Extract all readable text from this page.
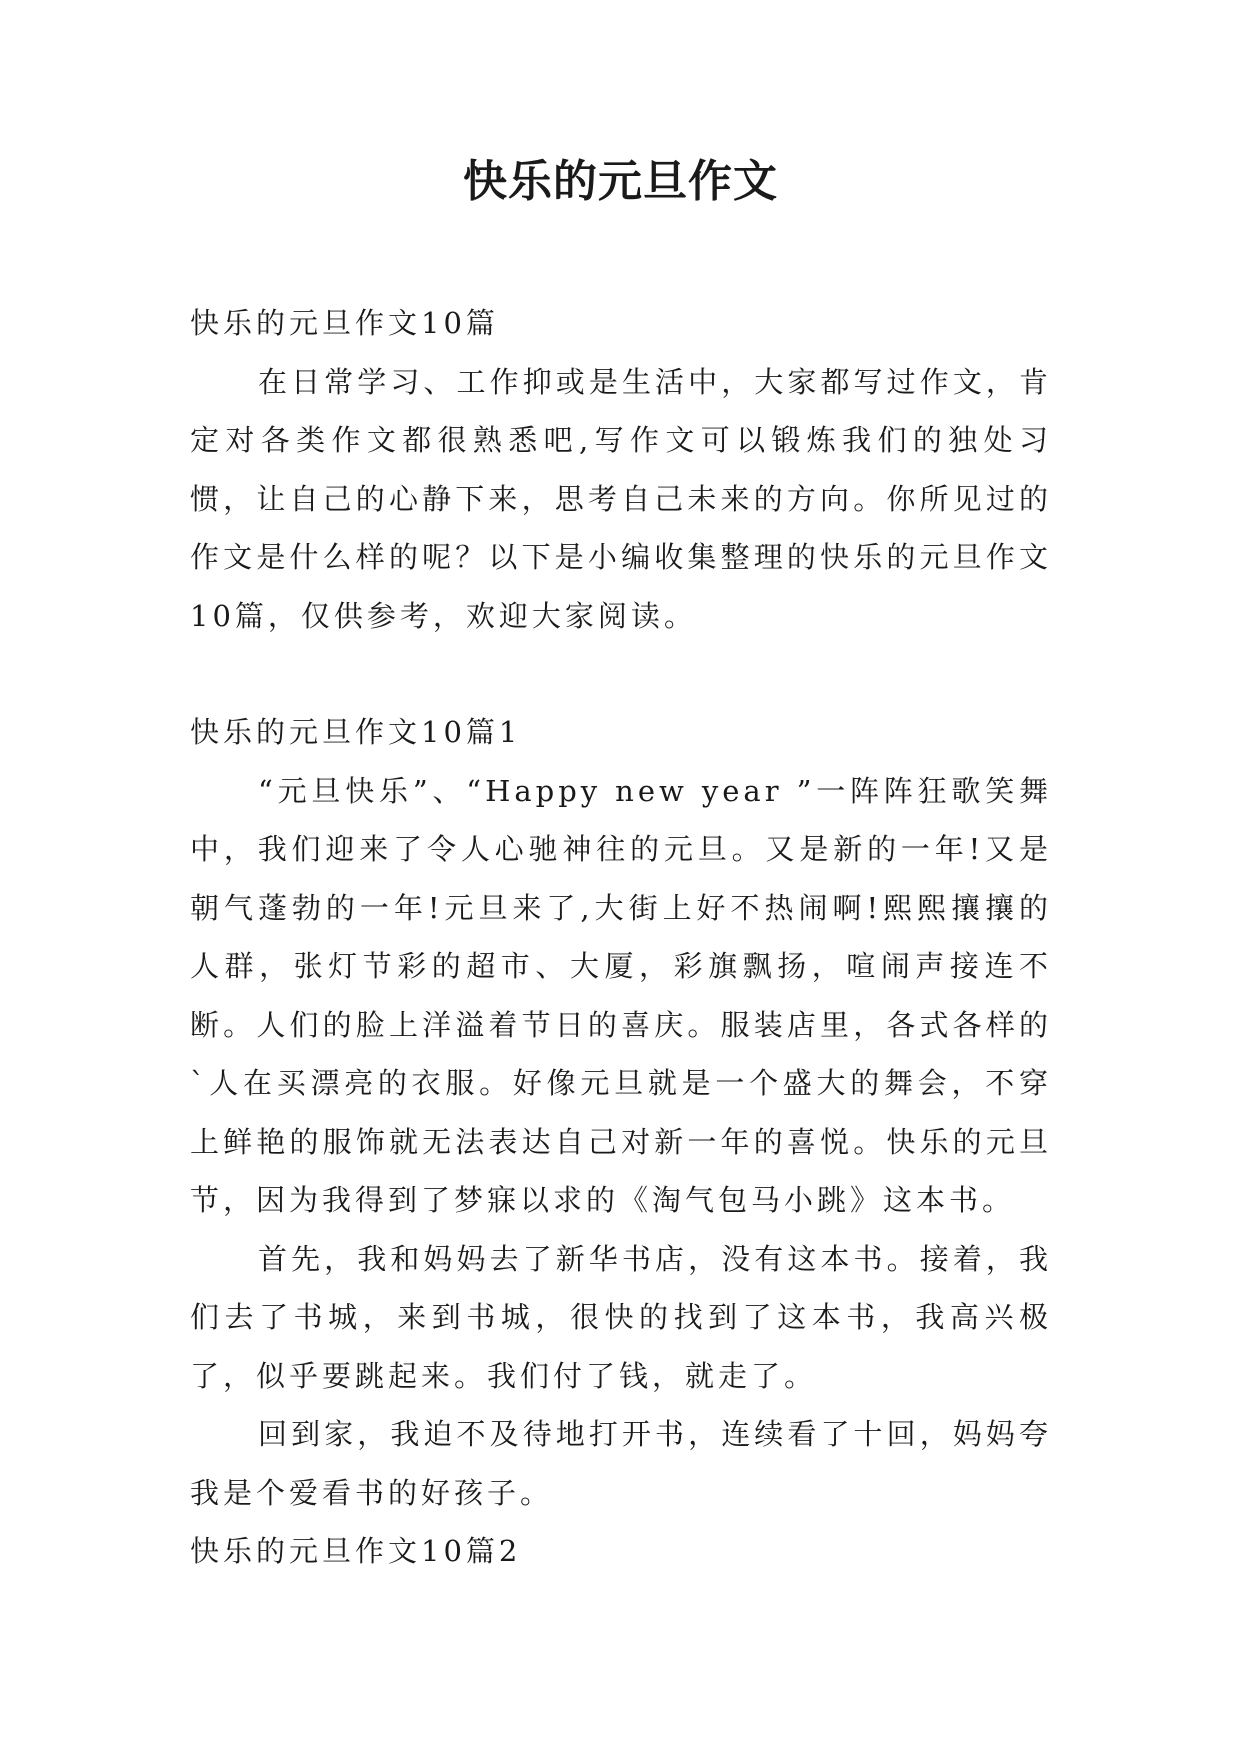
快乐的元旦作文

快乐的元旦作文10篇

在日常学习、工作抑或是生活中，大家都写过作文，肯定对各类作文都很熟悉吧,写作文可以锻炼我们的独处习惯，让自己的心静下来，思考自己未来的方向。你所见过的作文是什么样的呢？以下是小编收集整理的快乐的元旦作文10篇，仅供参考，欢迎大家阅读。

快乐的元旦作文10篇1

“元旦快乐”、“Happy new year ”一阵阵狂歌笑舞中，我们迎来了令人心驰神往的元旦。又是新的一年!又是朝气蓬勃的一年!元旦来了,大街上好不热闹啊!熙熙攘攘的人群，张灯节彩的超市、大厦，彩旗飘扬，喧闹声接连不断。人们的脸上洋溢着节日的喜庆。服装店里，各式各样的`人在买漂亮的衣服。好像元旦就是一个盛大的舞会，不穿上鲜艳的服饰就无法表达自己对新一年的喜悦。快乐的元旦节，因为我得到了梦寐以求的《淘气包马小跳》这本书。

首先，我和妈妈去了新华书店，没有这本书。接着，我们去了书城，来到书城，很快的找到了这本书，我高兴极了，似乎要跳起来。我们付了钱，就走了。

回到家，我迫不及待地打开书，连续看了十回，妈妈夸我是个爱看书的好孩子。

快乐的元旦作文10篇2
